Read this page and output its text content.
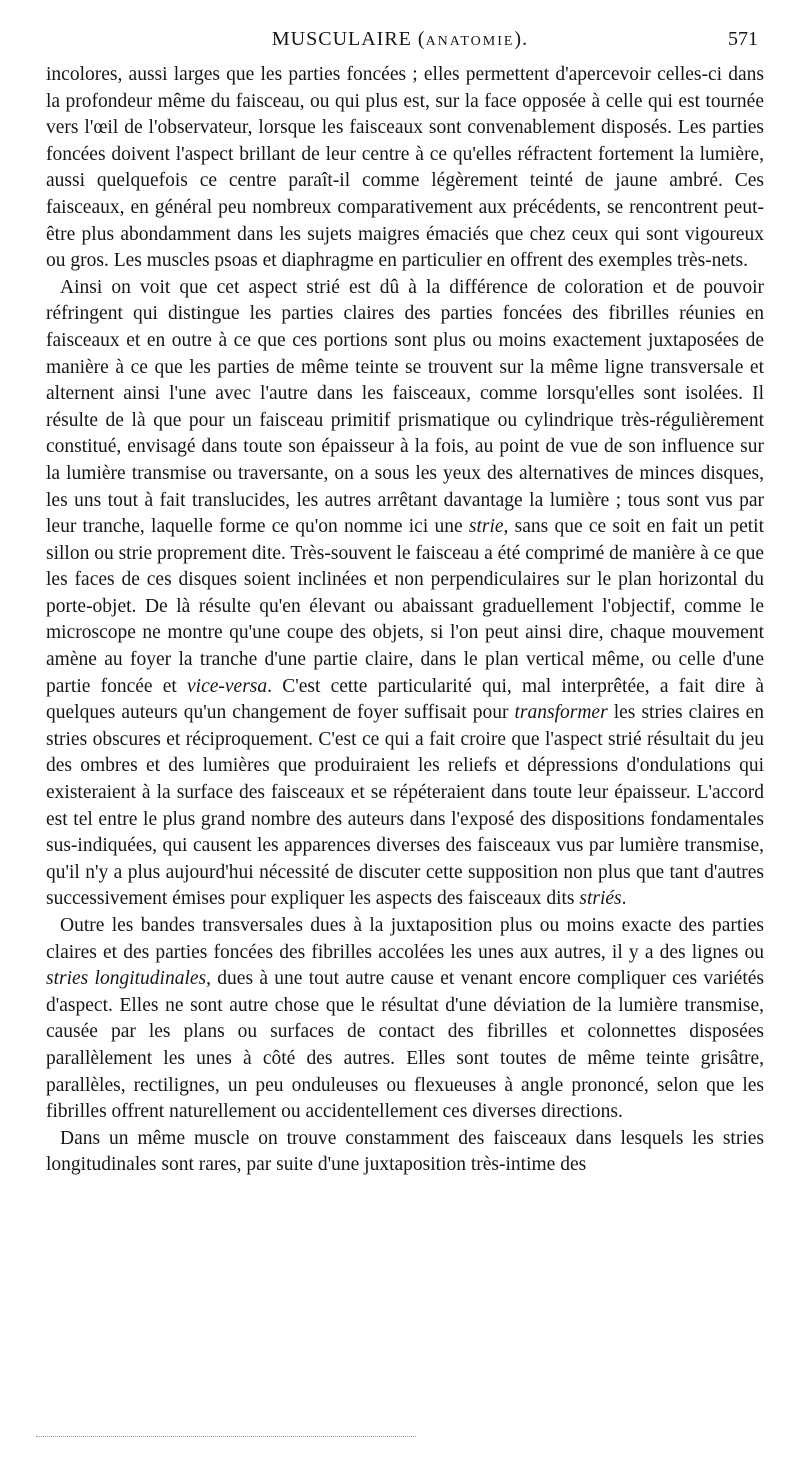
MUSCULAIRE (ANATOMIE).	571

incolores, aussi larges que les parties foncées ; elles permettent d'apercevoir celles-ci dans la profondeur même du faisceau, ou qui plus est, sur la face opposée à celle qui est tournée vers l'œil de l'observateur, lorsque les faisceaux sont convenablement disposés. Les parties foncées doivent l'aspect brillant de leur centre à ce qu'elles réfractent fortement la lumière, aussi quelquefois ce centre paraît-il comme légèrement teinté de jaune ambré. Ces faisceaux, en général peu nombreux comparativement aux précédents, se rencontrent peut-être plus abondamment dans les sujets maigres émaciés que chez ceux qui sont vigoureux ou gros. Les muscles psoas et diaphragme en particulier en offrent des exemples très-nets.

Ainsi on voit que cet aspect strié est dû à la différence de coloration et de pouvoir réfringent qui distingue les parties claires des parties foncées des fibrilles réunies en faisceaux et en outre à ce que ces portions sont plus ou moins exactement juxtaposées de manière à ce que les parties de même teinte se trouvent sur la même ligne transversale et alternent ainsi l'une avec l'autre dans les faisceaux, comme lorsqu'elles sont isolées. Il résulte de là que pour un faisceau primitif prismatique ou cylindrique très-régulièrement constitué, envisagé dans toute son épaisseur à la fois, au point de vue de son influence sur la lumière transmise ou traversante, on a sous les yeux des alternatives de minces disques, les uns tout à fait translucides, les autres arrêtant davantage la lumière ; tous sont vus par leur tranche, laquelle forme ce qu'on nomme ici une strie, sans que ce soit en fait un petit sillon ou strie proprement dite. Très-souvent le faisceau a été comprimé de manière à ce que les faces de ces disques soient inclinées et non perpendiculaires sur le plan horizontal du porte-objet. De là résulte qu'en élevant ou abaissant graduellement l'objectif, comme le microscope ne montre qu'une coupe des objets, si l'on peut ainsi dire, chaque mouvement amène au foyer la tranche d'une partie claire, dans le plan vertical même, ou celle d'une partie foncée et vice-versa. C'est cette particularité qui, mal interprêtée, a fait dire à quelques auteurs qu'un changement de foyer suffisait pour transformer les stries claires en stries obscures et réciproquement. C'est ce qui a fait croire que l'aspect strié résultait du jeu des ombres et des lumières que produiraient les reliefs et dépressions d'ondulations qui existeraient à la surface des faisceaux et se répéteraient dans toute leur épaisseur. L'accord est tel entre le plus grand nombre des auteurs dans l'exposé des dispositions fondamentales sus-indiquées, qui causent les apparences diverses des faisceaux vus par lumière transmise, qu'il n'y a plus aujourd'hui nécessité de discuter cette supposition non plus que tant d'autres successivement émises pour expliquer les aspects des faisceaux dits striés.

Outre les bandes transversales dues à la juxtaposition plus ou moins exacte des parties claires et des parties foncées des fibrilles accolées les unes aux autres, il y a des lignes ou stries longitudinales, dues à une tout autre cause et venant encore compliquer ces variétés d'aspect. Elles ne sont autre chose que le résultat d'une déviation de la lumière transmise, causée par les plans ou surfaces de contact des fibrilles et colonnettes disposées parallèlement les unes à côté des autres. Elles sont toutes de même teinte grisâtre, parallèles, rectilignes, un peu onduleuses ou flexueuses à angle prononcé, selon que les fibrilles offrent naturellement ou accidentellement ces diverses directions.

Dans un même muscle on trouve constamment des faisceaux dans lesquels les stries longitudinales sont rares, par suite d'une juxtaposition très-intime des
